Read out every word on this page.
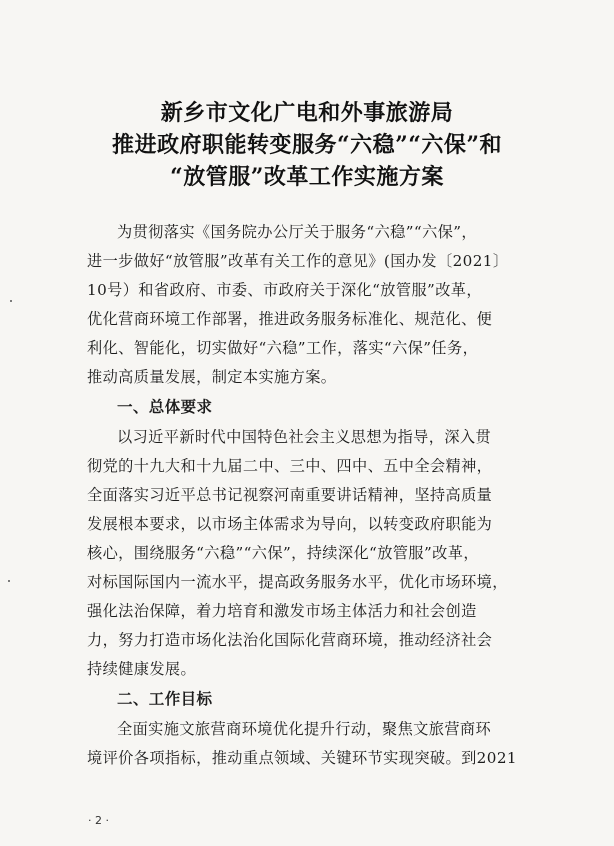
新乡市文化广电和外事旅游局
推进政府职能转变服务“六稳”“六保”和
“放管服”改革工作实施方案
为贯彻落实《国务院办公厅关于服务“六稳”“六保”，
进一步做好“放管服”改革有关工作的意见》(国办发〔2021〕
10号）和省政府、市委、市政府关于深化“放管服”改革，
优化营商环境工作部署，推进政务服务标准化、规范化、便
利化、智能化，切实做好“六稳”工作，落实“六保”任务，
推动高质量发展，制定本实施方案。
一、总体要求
以习近平新时代中国特色社会主义思想为指导，深入贯
彻党的十九大和十九届二中、三中、四中、五中全会精神，
全面落实习近平总书记视察河南重要讲话精神，坚持高质量
发展根本要求，以市场主体需求为导向，以转变政府职能为
核心，围绕服务“六稳”“六保”，持续深化“放管服”改革，
对标国际国内一流水平，提高政务服务水平，优化市场环境，
强化法治保障，着力培育和激发市场主体活力和社会创造
力，努力打造市场化法治化国际化营商环境，推动经济社会
持续健康发展。
二、工作目标
全面实施文旅营商环境优化提升行动，聚焦文旅营商环
境评价各项指标，推动重点领域、关键环节实现突破。到2021
· 2 ·
